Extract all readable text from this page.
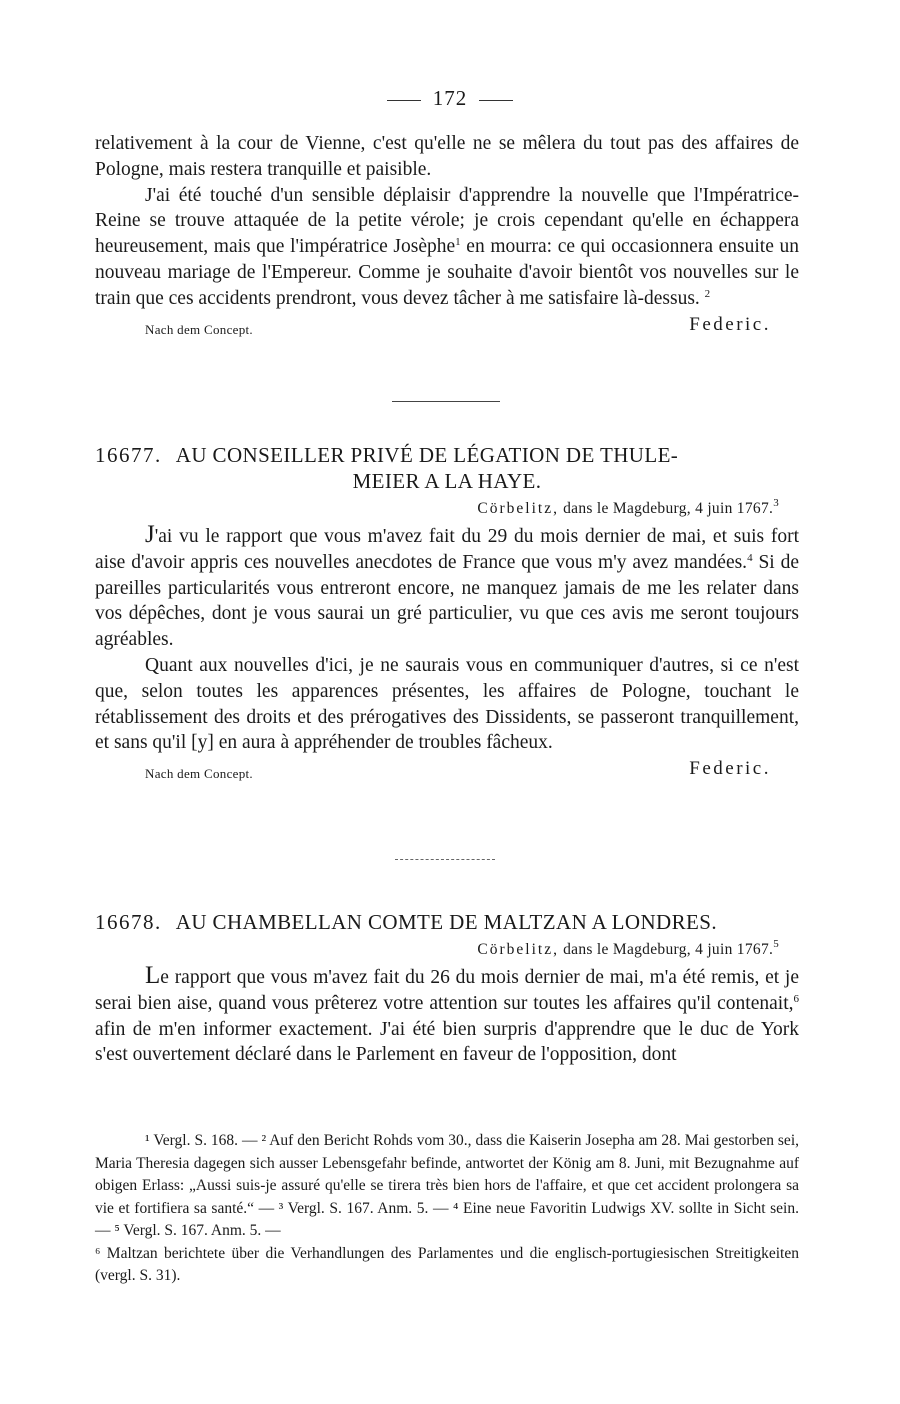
172

relativement à la cour de Vienne, c'est qu'elle ne se mêlera du tout pas des affaires de Pologne, mais restera tranquille et paisible.

J'ai été touché d'un sensible déplaisir d'apprendre la nouvelle que l'Impératrice-Reine se trouve attaquée de la petite vérole; je crois cependant qu'elle en échappera heureusement, mais que l'impératrice Josèphe$^1$ en mourra: ce qui occasionnera ensuite un nouveau mariage de l'Empereur. Comme je souhaite d'avoir bientôt vos nouvelles sur le train que ces accidents prendront, vous devez tâcher à me satisfaire là-dessus. $^2$

Nach dem Concept.	Federic.

16677. AU CONSEILLER PRIVÉ DE LÉGATION DE THULE-

MEIER A LA HAYE.

Cörbelitz, dans le Magdeburg, 4 juin 1767.$^3$

J'ai vu le rapport que vous m'avez fait du 29 du mois dernier de mai, et suis fort aise d'avoir appris ces nouvelles anecdotes de France que vous m'y avez mandées.$^4$ Si de pareilles particularités vous entreront encore, ne manquez jamais de me les relater dans vos dépêches, dont je vous saurai un gré particulier, vu que ces avis me seront toujours agréables.

Quant aux nouvelles d'ici, je ne saurais vous en communiquer d'autres, si ce n'est que, selon toutes les apparences présentes, les affaires de Pologne, touchant le rétablissement des droits et des prérogatives des Dissidents, se passeront tranquillement, et sans qu'il [y] en aura à appréhender de troubles fâcheux.

Nach dem Concept.	Federic.

16678. AU CHAMBELLAN COMTE DE MALTZAN A LONDRES.

Cörbelitz, dans le Magdeburg, 4 juin 1767.$^5$

Le rapport que vous m'avez fait du 26 du mois dernier de mai, m'a été remis, et je serai bien aise, quand vous prêterez votre attention sur toutes les affaires qu'il contenait,$^6$ afin de m'en informer exactement. J'ai été bien surpris d'apprendre que le duc de York s'est ouvertement déclaré dans le Parlement en faveur de l'opposition, dont

¹ Vergl. S. 168. — ² Auf den Bericht Rohds vom 30., dass die Kaiserin Josepha am 28. Mai gestorben sei, Maria Theresia dagegen sich ausser Lebensgefahr befinde, antwortet der König am 8. Juni, mit Bezugnahme auf obigen Erlass: „Aussi suis-je assuré qu'elle se tirera très bien hors de l'affaire, et que cet accident prolongera sa vie et fortifiera sa santé.“ — ³ Vergl. S. 167. Anm. 5. — ⁴ Eine neue Favoritin Ludwigs XV. sollte in Sicht sein. — ⁵ Vergl. S. 167. Anm. 5. —

⁶ Maltzan berichtete über die Verhandlungen des Parlamentes und die englisch-portugiesischen Streitigkeiten (vergl. S. 31).
